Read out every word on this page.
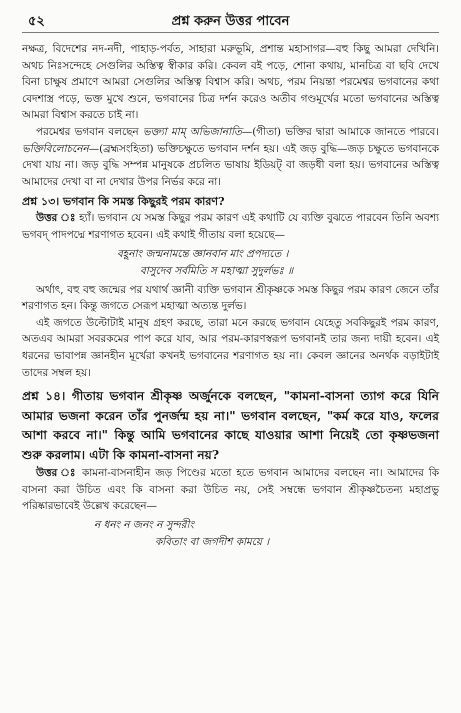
৫২	প্রশ্ন করুন উত্তর পাবেন

নক্ষত্র, বিদেশের নদ-নদী, পাহাড়-পর্বত, সাহারা মরুভূমি, প্রশান্ত মহাসাগর—বহু কিছু আমরা দেখিনি। অথচ নিঃসন্দেহে সেগুলির অস্তিত্ব স্বীকার করি। কেবল বই পড়ে, শোনা কথায়, মানচিত্র বা ছবি দেখে বিনা চাক্ষুষ প্রমাণে আমরা সেগুলির অস্তিত্ব বিশ্বাস করি। অথচ, পরম নিয়ন্তা পরমেশ্বর ভগবানের কথা বেদশাস্ত্র পড়ে, ভক্ত মুখে শুনে, ভগবানের চিত্র দর্শন করেও অতীব গণ্ডমূর্খের মতো ভগবানের অস্তিত্ব আমরা বিশ্বাস করতে চাই না।

পরমেশ্বর ভগবান বলছেন ভক্ত্যা মাম্ অভিজানাতি—(গীতা) ভক্তির দ্বারা আমাকে জানতে পারবে। ভক্তিবিলোচনেন—(ব্রহ্মসংহিতা) ভক্তিচক্ষুতে ভগবান দর্শন হয়। এই জড় বুদ্ধি—জড় চক্ষুতে ভগবানকে দেখা যায় না। জড় বুদ্ধি সম্পন্ন মানুষকে প্রচলিত ভাষায় ইডিয়ট্ বা জড়ধী বলা হয়। ভগবানের অস্তিত্ব আমাদের দেখা বা না দেখার উপর নির্ভর করে না।

প্রশ্ন ১৩। ভগবান কি সমস্ত কিছুরই পরম কারণ?

উত্তর ঃ হ্যাঁ। ভগবান যে সমস্ত কিছুর পরম কারণ এই কথাটি যে ব্যক্তি বুঝতে পারবেন তিনি অবশ্য ভগবদ্ পাদপদ্মে শরণাগত হবেন। এই কথাই গীতায় বলা হয়েছে—

বহূনাং জন্মনামন্তে জ্ঞানবান মাং প্রপদ্যতে ।
বাসুদেব সর্বমিতি স মহাত্মা সুদুর্লভঃ ॥

অর্থাৎ, বহু বহু জন্মের পর যথার্থ জ্ঞানী ব্যক্তি ভগবান শ্রীকৃষ্ণকে সমস্ত কিছুর পরম কারণ জেনে তাঁর শরণাগত হন। কিন্তু জগতে সেরূপ মহাত্মা অত্যন্ত দুর্লভ।

এই জগতে উল্টোটাই মানুষ গ্রহণ করছে, তারা মনে করছে ভগবান যেহেতু সবকিছুরই পরম কারণ, অতএব আমরা সবরকমের পাপ করে যাব, আর পরম-কারণস্বরূপ ভগবানই তার জন্য দায়ী হবেন। এই ধরনের ভাবাপন্ন জ্ঞানহীন মূর্খেরা কখনই ভগবানের শরণাগত হয় না। কেবল জ্ঞানের অনর্থক বড়াইটাই তাদের সম্বল হয়।

প্রশ্ন ১৪। গীতায় ভগবান শ্রীকৃষ্ণ অর্জুনকে বলছেন, "কামনা-বাসনা ত্যাগ করে যিনি আমার ভজনা করেন তাঁর পুনর্জন্ম হয় না।" ভগবান বলছেন, "কর্ম করে যাও, ফলের আশা করবে না।" কিন্তু আমি ভগবানের কাছে যাওয়ার আশা নিয়েই তো কৃষ্ণভজনা শুরু করলাম। এটা কি কামনা-বাসনা নয়?

উত্তর ঃ কামনা-বাসনাহীন জড় পিণ্ডের মতো হতে ভগবান আমাদের বলছেন না। আমাদের কি বাসনা করা উচিত এবং কি বাসনা করা উচিত নয়, সেই সম্বন্ধে ভগবান শ্রীকৃষ্ণচৈতন্য মহাপ্রভু পরিষ্কারভাবেই উল্লেখ করেছেন—

ন ধনং ন জনং ন সুন্দরীং
কবিতাং বা জগদীশ কাময়ে ।
